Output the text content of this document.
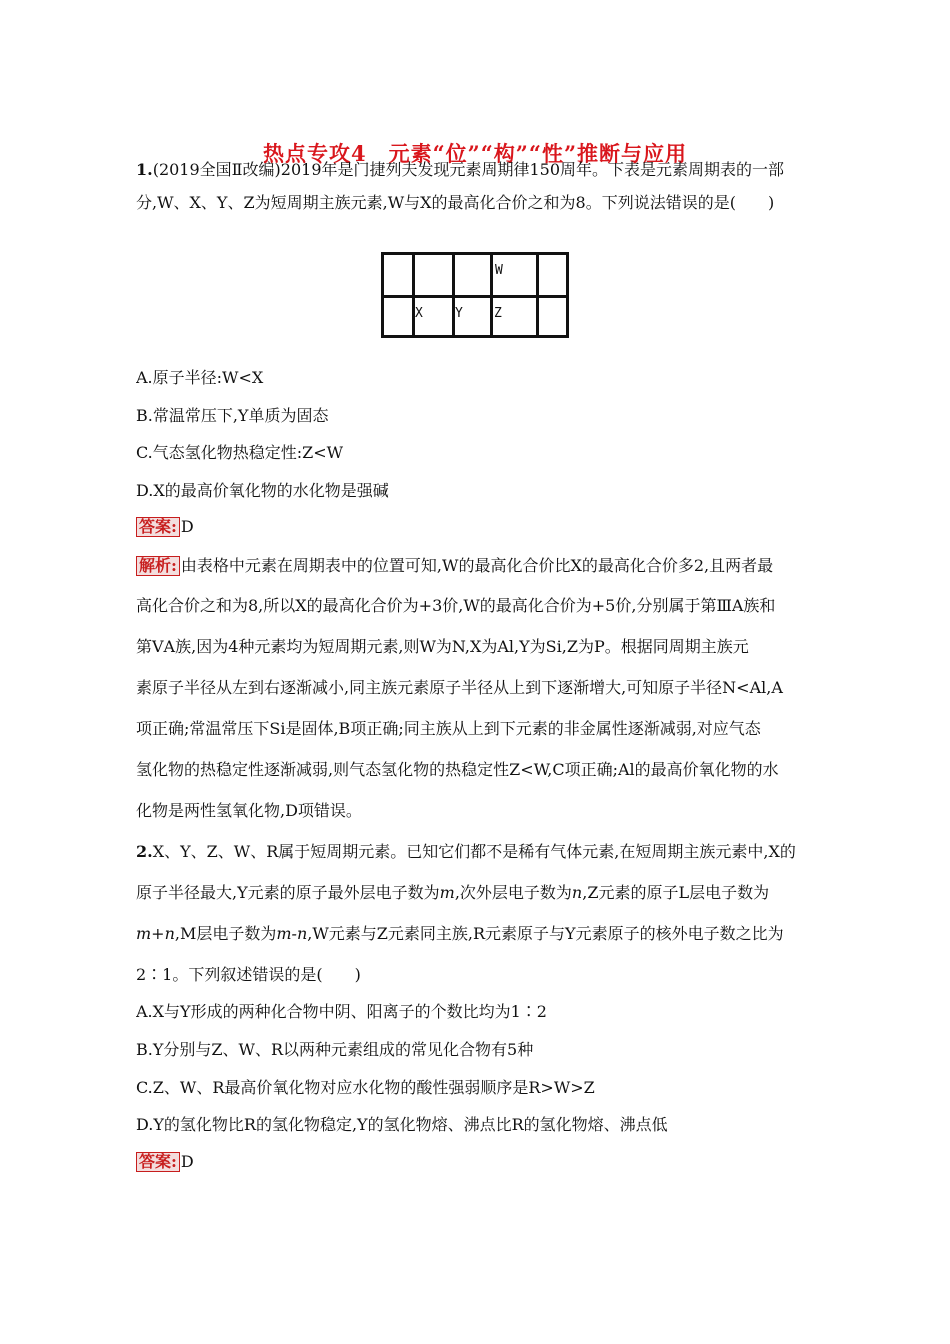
热点专攻4　元素“位”“构”“性”推断与应用
1.(2019全国Ⅱ改编)2019年是门捷列夫发现元素周期律150周年。下表是元素周期表的一部
分,W、X、Y、Z为短周期主族元素,W与X的最高化合价之和为8。下列说法错误的是(　　)
W
X Y Z
A.原子半径:W<X
B.常温常压下,Y单质为固态
C.气态氢化物热稳定性:Z<W
D.X的最高价氧化物的水化物是强碱
答案: D
解析: 由表格中元素在周期表中的位置可知,W的最高化合价比X的最高化合价多2,且两者最
高化合价之和为8,所以X的最高化合价为+3价,W的最高化合价为+5价,分别属于第ⅢA族和
第ⅤA族,因为4种元素均为短周期元素,则W为N,X为Al,Y为Si,Z为P。根据同周期主族元
素原子半径从左到右逐渐减小,同主族元素原子半径从上到下逐渐增大,可知原子半径N<Al,A
项正确;常温常压下Si是固体,B项正确;同主族从上到下元素的非金属性逐渐减弱,对应气态
氢化物的热稳定性逐渐减弱,则气态氢化物的热稳定性Z<W,C项正确;Al的最高价氧化物的水
化物是两性氢氧化物,D项错误。
2.X、Y、Z、W、R属于短周期元素。已知它们都不是稀有气体元素,在短周期主族元素中,X的
原子半径最大,Y元素的原子最外层电子数为m,次外层电子数为n,Z元素的原子L层电子数为
m+n,M层电子数为m-n,W元素与Z元素同主族,R元素原子与Y元素原子的核外电子数之比为
2∶1。下列叙述错误的是(　　)
A.X与Y形成的两种化合物中阴、阳离子的个数比均为1∶2
B.Y分别与Z、W、R以两种元素组成的常见化合物有5种
C.Z、W、R最高价氧化物对应水化物的酸性强弱顺序是R>W>Z
D.Y的氢化物比R的氢化物稳定,Y的氢化物熔、沸点比R的氢化物熔、沸点低
答案: D
